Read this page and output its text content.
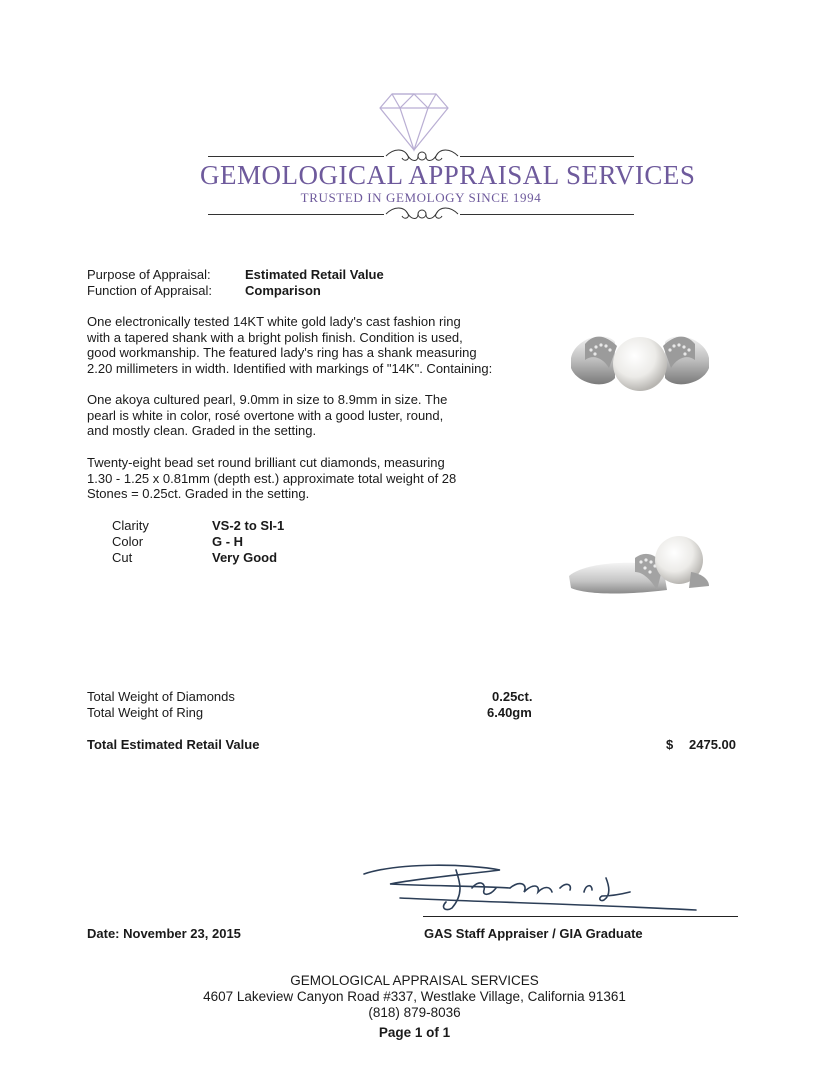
GEMOLOGICAL APPRAISAL SERVICES
TRUSTED IN GEMOLOGY SINCE 1994
Purpose of Appraisal:	Estimated Retail Value
Function of Appraisal:	Comparison
One electronically tested 14KT white gold lady's cast fashion ring
with a tapered shank with a bright polish finish. Condition is used,
good workmanship. The featured lady's ring has a shank measuring
2.20 millimeters in width. Identified with markings of "14K". Containing:
One akoya cultured pearl, 9.0mm in size to 8.9mm in size. The
pearl is white in color, rosé overtone with a good luster, round,
and mostly clean. Graded in the setting.
Twenty-eight bead set round brilliant cut diamonds, measuring
1.30 - 1.25 x 0.81mm (depth est.) approximate total weight of 28
Stones = 0.25ct. Graded in the setting.
Clarity	VS-2 to SI-1
Color	G - H
Cut	Very Good
Total Weight of Diamonds	0.25ct.
Total Weight of Ring	6.40gm
Total Estimated Retail Value	$ 2475.00
Date: November 23, 2015	GAS Staff Appraiser / GIA Graduate
GEMOLOGICAL APPRAISAL SERVICES
4607 Lakeview Canyon Road #337, Westlake Village, California 91361
(818) 879-8036
Page 1 of 1
